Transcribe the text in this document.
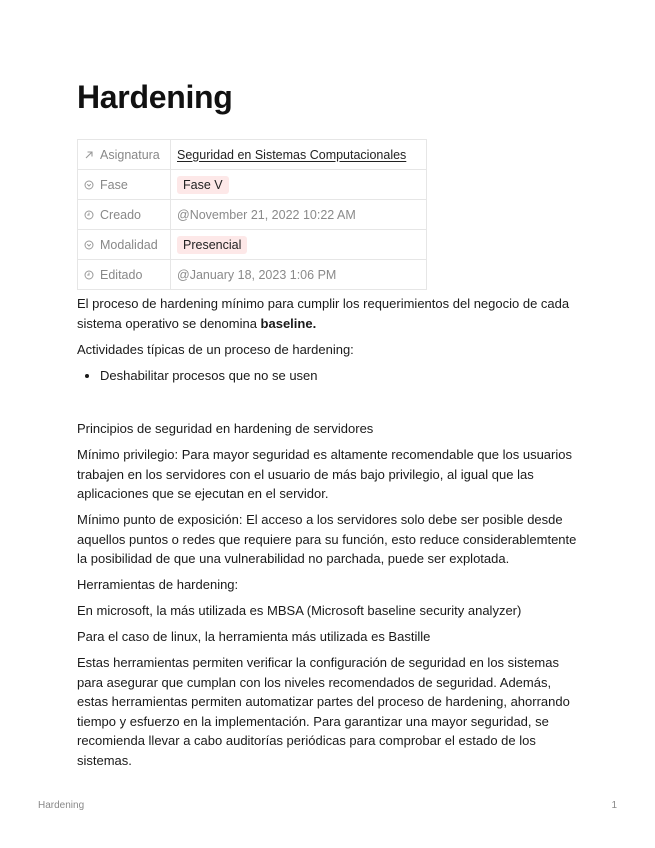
Hardening
Asignatura	Seguridad en Sistemas Computacionales

Fase	Fase V

Creado	@November 21, 2022 10:22 AM

Modalidad	Presencial

Editado	@January 18, 2023 1:06 PM

El proceso de hardening mínimo para cumplir los requerimientos del negocio de cada sistema operativo se denomina baseline.

Actividades típicas de un proceso de hardening:

• Deshabilitar procesos que no se usen

Principios de seguridad en hardening de servidores

Mínimo privilegio: Para mayor seguridad es altamente recomendable que los usuarios trabajen en los servidores con el usuario de más bajo privilegio, al igual que las aplicaciones que se ejecutan en el servidor.

Mínimo punto de exposición: El acceso a los servidores solo debe ser posible desde aquellos puntos o redes que requiere para su función, esto reduce considerablemtente la posibilidad de que una vulnerabilidad no parchada, puede ser explotada.

Herramientas de hardening:

En microsoft, la más utilizada es MBSA (Microsoft baseline security analyzer)

Para el caso de linux, la herramienta más utilizada es Bastille

Estas herramientas permiten verificar la configuración de seguridad en los sistemas para asegurar que cumplan con los niveles recomendados de seguridad. Además, estas herramientas permiten automatizar partes del proceso de hardening, ahorrando tiempo y esfuerzo en la implementación. Para garantizar una mayor seguridad, se recomienda llevar a cabo auditorías periódicas para comprobar el estado de los sistemas.

Hardening	1
